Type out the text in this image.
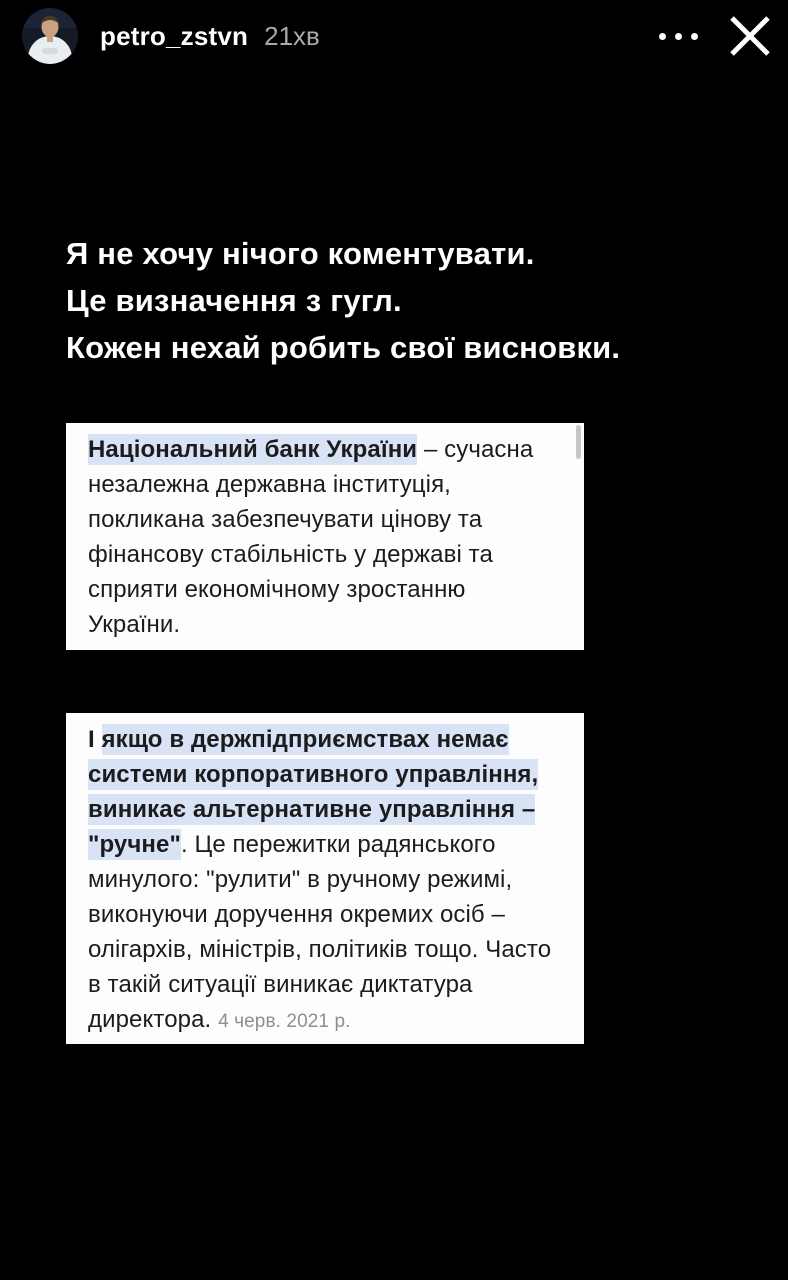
petro_zstvn 21хв
Я не хочу нічого коментувати.
Це визначення з гугл.
Кожен нехай робить свої висновки.

Національний банк України – сучасна незалежна державна інституція, покликана забезпечувати цінову та фінансову стабільність у державі та сприяти економічному зростанню України.

І якщо в держпідприємствах немає системи корпоративного управління, виникає альтернативне управління – "ручне". Це пережитки радянського минулого: "рулити" в ручному режимі, виконуючи доручення окремих осіб – олігархів, міністрів, політиків тощо. Часто в такій ситуації виникає диктатура директора. 4 черв. 2021 р.
